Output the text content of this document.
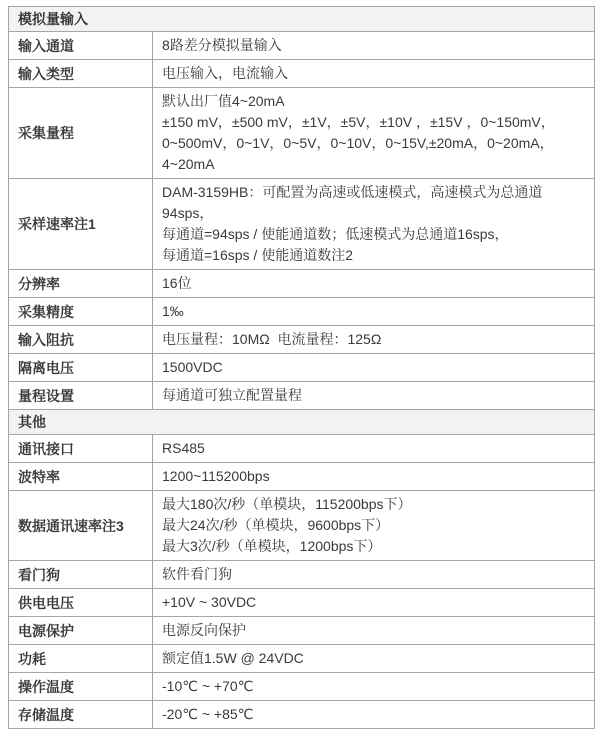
模拟量输入	
输入通道	8路差分模拟量输入

输入类型	电压输入，电流输入

采集量程	默认出厂值4~20mA
±150 mV，±500 mV，±1V，±5V，±10V ，±15V ，0~150mV，
0~500mV，0~1V，0~5V，0~10V，0~15V,±20mA，0~20mA，4~20mA

采样速率注1	DAM-3159HB：可配置为高速或低速模式，高速模式为总通道94sps，
每通道=94sps / 使能通道数；低速模式为总通道16sps，
每通道=16sps / 使能通道数注2

分辨率	16位

采集精度	1‰

输入阻抗	电压量程：10MΩ  电流量程：125Ω

隔离电压	1500VDC

量程设置	每通道可独立配置量程

其他	
通讯接口	RS485

波特率	1200~115200bps

数据通讯速率注3	最大180次/秒（单模块，115200bps下）
最大24次/秒（单模块，9600bps下）
最大3次/秒（单模块，1200bps下）

看门狗	软件看门狗

供电电压	+10V ~ 30VDC

电源保护	电源反向保护

功耗	额定值1.5W @ 24VDC

操作温度	-10℃ ~ +70℃

存储温度	-20℃ ~ +85℃
